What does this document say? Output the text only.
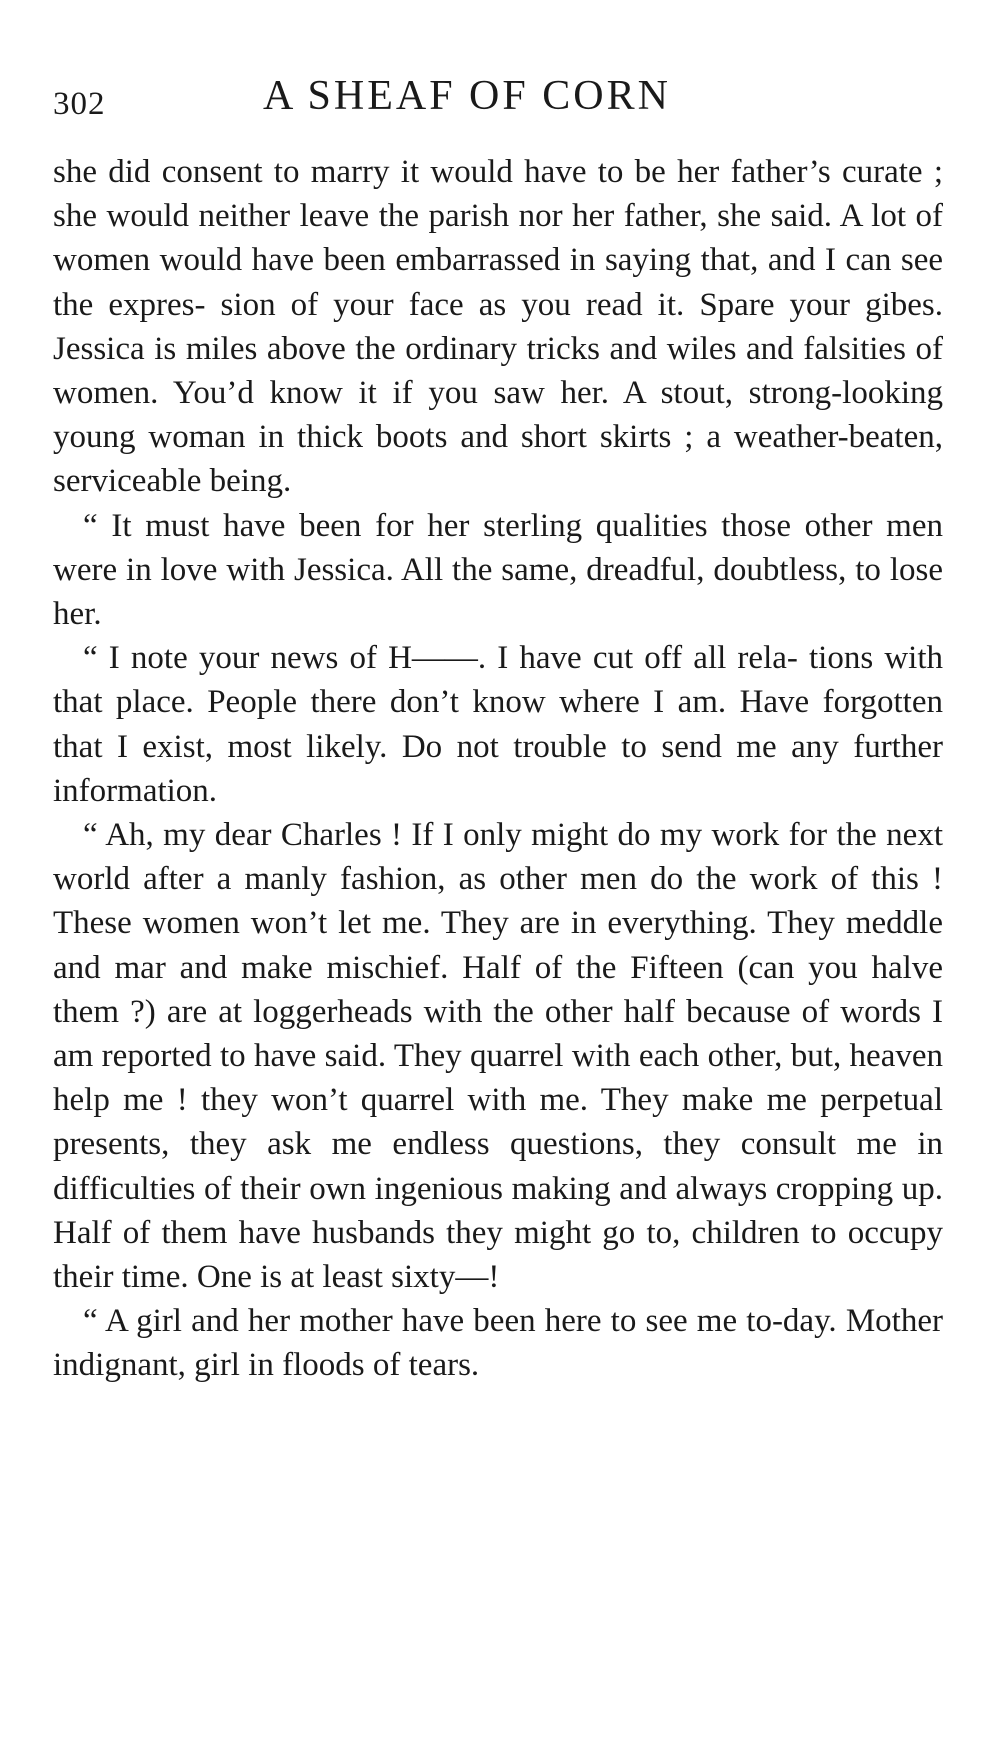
302	A SHEAF OF CORN

she did consent to marry it would have to be her father’s curate ; she would neither leave the parish nor her father, she said. A lot of women would have been embarrassed in saying that, and I can see the expres- sion of your face as you read it. Spare your gibes. Jessica is miles above the ordinary tricks and wiles and falsities of women. You’d know it if you saw her. A stout, strong-looking young woman in thick boots and short skirts ; a weather-beaten, serviceable being.

“ It must have been for her sterling qualities those other men were in love with Jessica. All the same, dreadful, doubtless, to lose her.

“ I note your news of H——. I have cut off all rela- tions with that place. People there don’t know where I am. Have forgotten that I exist, most likely. Do not trouble to send me any further information.

“ Ah, my dear Charles ! If I only might do my work for the next world after a manly fashion, as other men do the work of this ! These women won’t let me. They are in everything. They meddle and mar and make mischief. Half of the Fifteen (can you halve them ?) are at loggerheads with the other half because of words I am reported to have said. They quarrel with each other, but, heaven help me ! they won’t quarrel with me. They make me perpetual presents, they ask me endless questions, they consult me in difficulties of their own ingenious making and always cropping up. Half of them have husbands they might go to, children to occupy their time. One is at least sixty—!

“ A girl and her mother have been here to see me to-day. Mother indignant, girl in floods of tears.
